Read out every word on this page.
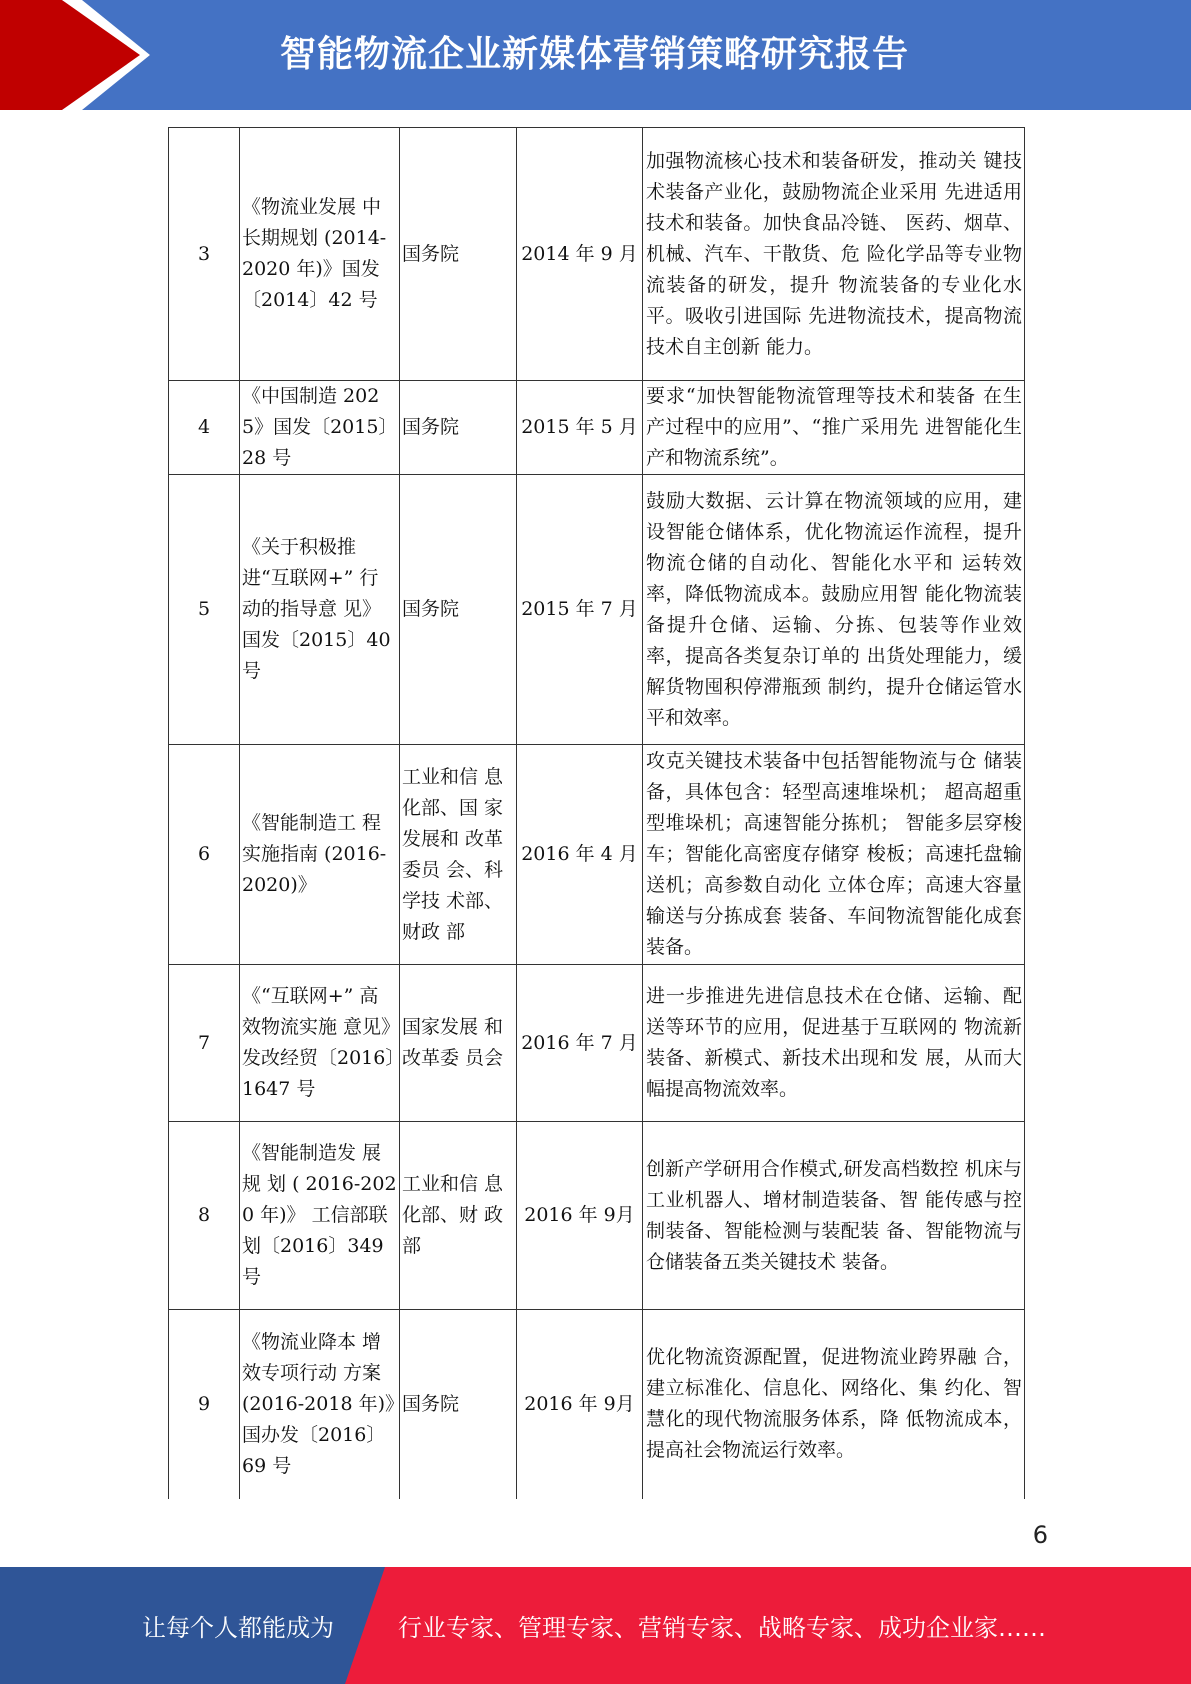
智能物流企业新媒体营销策略研究报告
3	《物流业发展 中长期规划 (2014-2020 年)》国发〔2014〕42 号	国务院	2014 年 9 月	加强物流核心技术和装备研发，推动关 键技术装备产业化，鼓励物流企业采用 先进适用技术和装备。加快食品冷链、 医药、烟草、机械、汽车、干散货、危 险化学品等专业物流装备的研发，提升 物流装备的专业化水平。吸收引进国际 先进物流技术，提高物流技术自主创新 能力。
4	《中国制造 2025》国发〔2015〕28 号	国务院	2015 年 5 月	要求“加快智能物流管理等技术和装备 在生产过程中的应用”、“推广采用先 进智能化生产和物流系统”。
5	《关于积极推 进“互联网+” 行动的指导意 见》国发〔2015〕40 号	国务院	2015 年 7 月	鼓励大数据、云计算在物流领域的应用，建设智能仓储体系，优化物流运作流程，提升物流仓储的自动化、智能化水平和 运转效率，降低物流成本。鼓励应用智 能化物流装备提升仓储、运输、分拣、包装等作业效率，提高各类复杂订单的 出货处理能力，缓解货物囤积停滞瓶颈 制约，提升仓储运管水平和效率。
6	《智能制造工 程实施指南 (2016-2020)》	工业和信 息化部、国 家发展和 改革委员 会、科学技 术部、财政 部	2016 年 4 月	攻克关键技术装备中包括智能物流与仓 储装备，具体包含：轻型高速堆垛机； 超高超重型堆垛机；高速智能分拣机； 智能多层穿梭车；智能化高密度存储穿 梭板；高速托盘输送机；高参数自动化 立体仓库；高速大容量输送与分拣成套 装备、车间物流智能化成套装备。
7	《“互联网+” 高效物流实施 意见》发改经贸〔2016〕1647 号	国家发展 和改革委 员会	2016 年 7 月	进一步推进先进信息技术在仓储、运输、配送等环节的应用，促进基于互联网的 物流新装备、新模式、新技术出现和发 展，从而大幅提高物流效率。
8	《智能制造发 展规 划 ( 2016-2020 年)》 工信部联 划〔2016〕349 号	工业和信 息化部、财 政部	2016 年 9月	创新产学研用合作模式,研发高档数控 机床与工业机器人、增材制造装备、智 能传感与控制装备、智能检测与装配装 备、智能物流与仓储装备五类关键技术 装备。
9	《物流业降本 增效专项行动 方案 (2016-2018 年)》国办发〔2016〕69 号	国务院	2016 年 9月	优化物流资源配置，促进物流业跨界融 合，建立标准化、信息化、网络化、集 约化、智慧化的现代物流服务体系，降 低物流成本，提高社会物流运行效率。
6
让每个人都能成为	行业专家、管理专家、营销专家、战略专家、成功企业家……
